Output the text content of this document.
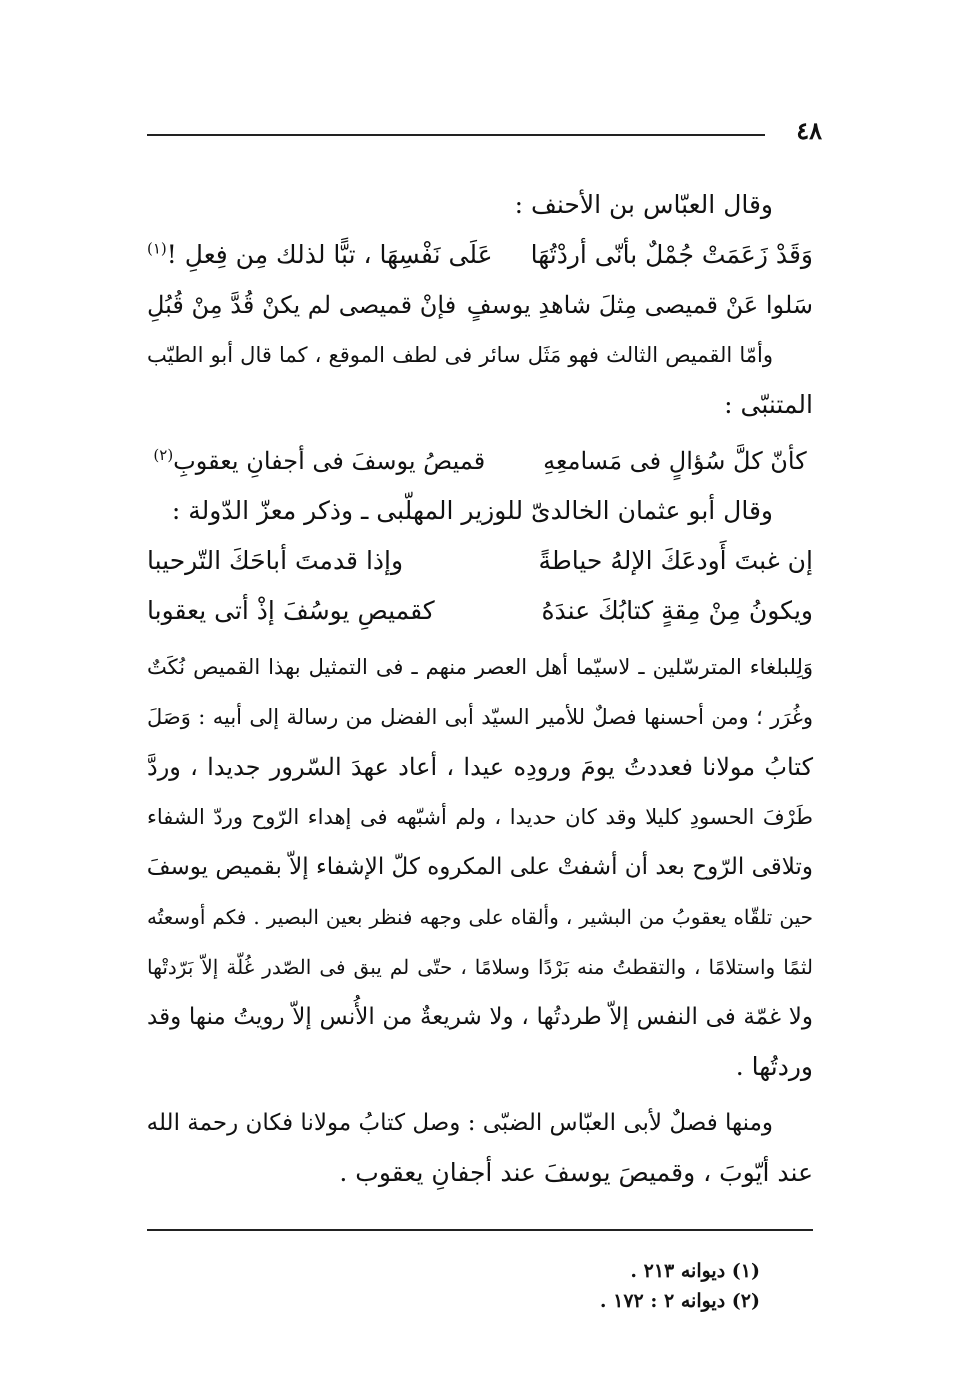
٤٨
وقال العبّاس بن الأحنف :
وَقَدْ زَعَمَتْ جُمْلٌ بأنّى أردْتُهَا
عَلَى نَفْسِهَا ، تبًّا لذلك مِن فِعلِ !$^{(١)}$
سَلوا عَنْ قميصى مِثلَ شاهدِ يوسفٍ
فإنْ قميصى لم يكنْ قُدَّ مِنْ قُبُلِ
وأمّا القميص الثالث فهو مَثَل سائر فى لطف الموقع ، كما قال أبو الطيّب
المتنبّى :
كأنّ كلَّ سُؤالٍ فى مَسامعِهِ
قميصُ يوسفَ فى أجفانِ يعقوبِ$^{(٢)}$
وقال أبو عثمان الخالدىّ للوزير المهلّبى ـ وذكر معزّ الدّولة :
إن غبتَ أَودعَكَ الإلهُ حياطةً
وإذا قدمتَ أباحَكَ التّرحيبا
ويكونُ مِنْ مِقةٍ كتابُكَ عندَهُ
كقميصِ يوسُفَ إذْ أتى يعقوبا
وَلِلبلغاء المترسّلين ـ لاسيّما أهل العصر منهم ـ فى التمثيل بهذا القميص نُكَتٌ
وغُرَر ؛ ومن أحسنها فصلٌ للأمير السيّد أبى الفضل من رسالة إلى أبيه : وَصَلَ
كتابُ مولانا فعددتُ يومَ ورودِه عيدا ، أعاد عهدَ السّرور جديدا ، وردَّ
طَرْفَ الحسودِ كليلا وقد كان حديدا ، ولم أشبّهه فى إهداء الرّوح وردّ الشفاء
وتلاقى الرّوح بعد أن أشفتْ على المكروه كلّ الإشفاء إلاّ بقميص يوسفَ
حين تلقّاه يعقوبُ من البشير ، وألقاه على وجهه فنظر بعين البصير . فكم أوسعتُه
لثمًا واستلامًا ، والتقطتُ منه بَرْدًا وسلامًا ، حتّى لم يبق فى الصّدر غُلّة إلاّ بَرّدتْها
ولا غمّة فى النفس إلاّ طردتُها ، ولا شريعةٌ من الأُنس إلاّ رويتُ منها وقد
وردتُها .
ومنها فصلٌ لأبى العبّاس الضبّى : وصل كتابُ مولانا فكان رحمة الله
عند أيّوبَ ، وقميصَ يوسفَ عند أجفانِ يعقوب .
(١) ديوانه ٢١٣ .
(٢) ديوانه ٢ : ١٧٢ .
